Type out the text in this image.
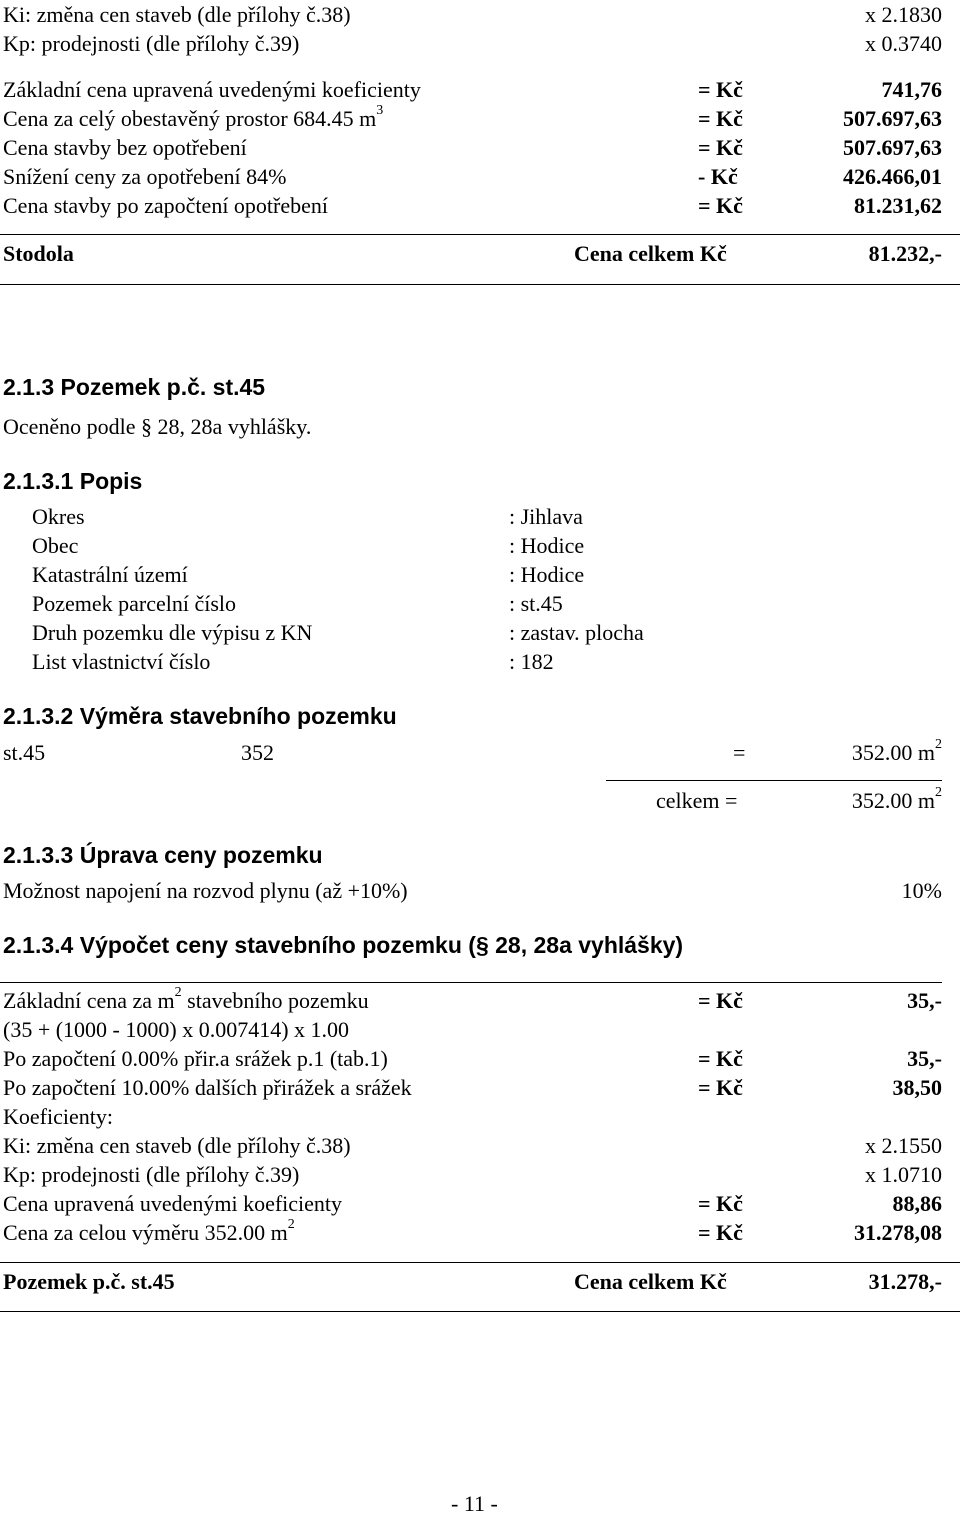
Ki: změna cen staveb (dle přílohy č.38)	x 2.1830
Kp: prodejnosti (dle přílohy č.39)	x 0.3740
Základní cena upravená uvedenými koeficienty	= Kč	741,76
Cena za celý obestavěný prostor 684.45 $m^3$	= Kč	507.697,63
Cena stavby bez opotřebení	= Kč	507.697,63
Snížení ceny za opotřebení 84%	- Kč	426.466,01
Cena stavby po započtení opotřebení	= Kč	81.231,62
Stodola	Cena celkem Kč	81.232,-
2.1.3 Pozemek p.č. st.45
Oceněno podle § 28, 28a vyhlášky.
2.1.3.1 Popis
Okres	: Jihlava
Obec	: Hodice
Katastrální území	: Hodice
Pozemek parcelní číslo	: st.45
Druh pozemku dle výpisu z KN	: zastav. plocha
List vlastnictví číslo	: 182
2.1.3.2 Výměra stavebního pozemku
st.45	352	=	352.00 $m^2$
celkem =	352.00 $m^2$
2.1.3.3 Úprava ceny pozemku
Možnost napojení na rozvod plynu (až +10%)	10%
2.1.3.4 Výpočet ceny stavebního pozemku (§ 28, 28a vyhlášky)
Základní cena za $m^2$ stavebního pozemku	= Kč	35,-
(35 + (1000 - 1000) x 0.007414) x 1.00
Po započtení 0.00% přir.a srážek p.1 (tab.1)	= Kč	35,-
Po započtení 10.00% dalších přirážek a srážek	= Kč	38,50
Koeficienty:
Ki: změna cen staveb (dle přílohy č.38)	x 2.1550
Kp: prodejnosti (dle přílohy č.39)	x 1.0710
Cena upravená uvedenými koeficienty	= Kč	88,86
Cena za celou výměru 352.00 $m^2$	= Kč	31.278,08
Pozemek p.č. st.45	Cena celkem Kč	31.278,-
- 11 -
